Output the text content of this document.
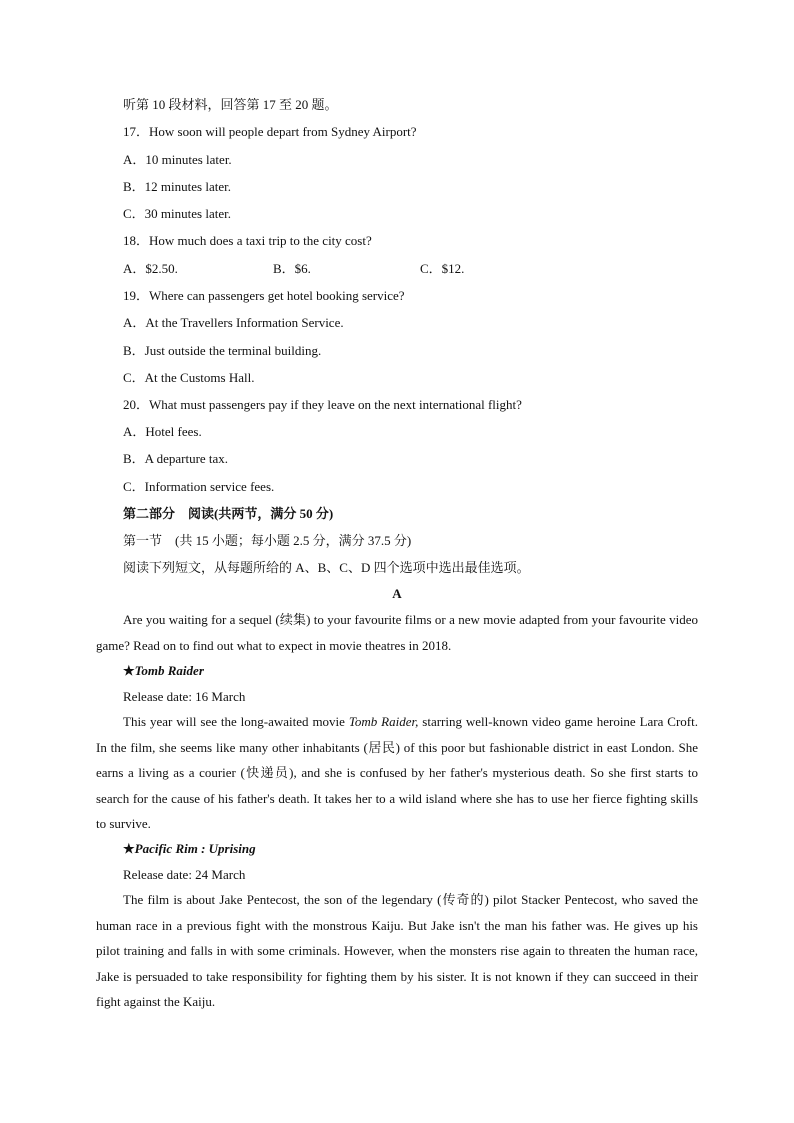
听第 10 段材料，回答第 17 至 20 题。
17．How soon will people depart from Sydney Airport?
A．10 minutes later.
B．12 minutes later.
C．30 minutes later.
18．How much does a taxi trip to the city cost?
A．$2.50.	B．$6.	C．$12.
19．Where can passengers get hotel booking service?
A．At the Travellers Information Service.
B．Just outside the terminal building.
C．At the Customs Hall.
20．What must passengers pay if they leave on the next international flight?
A．Hotel fees.
B．A departure tax.
C．Information service fees.
第二部分　阅读(共两节，满分 50 分)
第一节　(共 15 小题；每小题 2.5 分，满分 37.5 分)
阅读下列短文，从每题所给的 A、B、C、D 四个选项中选出最佳选项。
A
Are you waiting for a sequel (续集) to your favourite films or a new movie adapted from your favourite video game? Read on to find out what to expect in movie theatres in 2018.
★Tomb Raider
Release date: 16 March
This year will see the long-awaited movie Tomb Raider, starring well-known video game heroine Lara Croft. In the film, she seems like many other inhabitants (居民) of this poor but fashionable district in east London. She earns a living as a courier (快递员), and she is confused by her father's mysterious death. So she first starts to search for the cause of his father's death. It takes her to a wild island where she has to use her fierce fighting skills to survive.
★Pacific Rim : Uprising
Release date: 24 March
The film is about Jake Pentecost, the son of the legendary (传奇的) pilot Stacker Pentecost, who saved the human race in a previous fight with the monstrous Kaiju. But Jake isn't the man his father was. He gives up his pilot training and falls in with some criminals. However, when the monsters rise again to threaten the human race, Jake is persuaded to take responsibility for fighting them by his sister. It is not known if they can succeed in their fight against the Kaiju.
